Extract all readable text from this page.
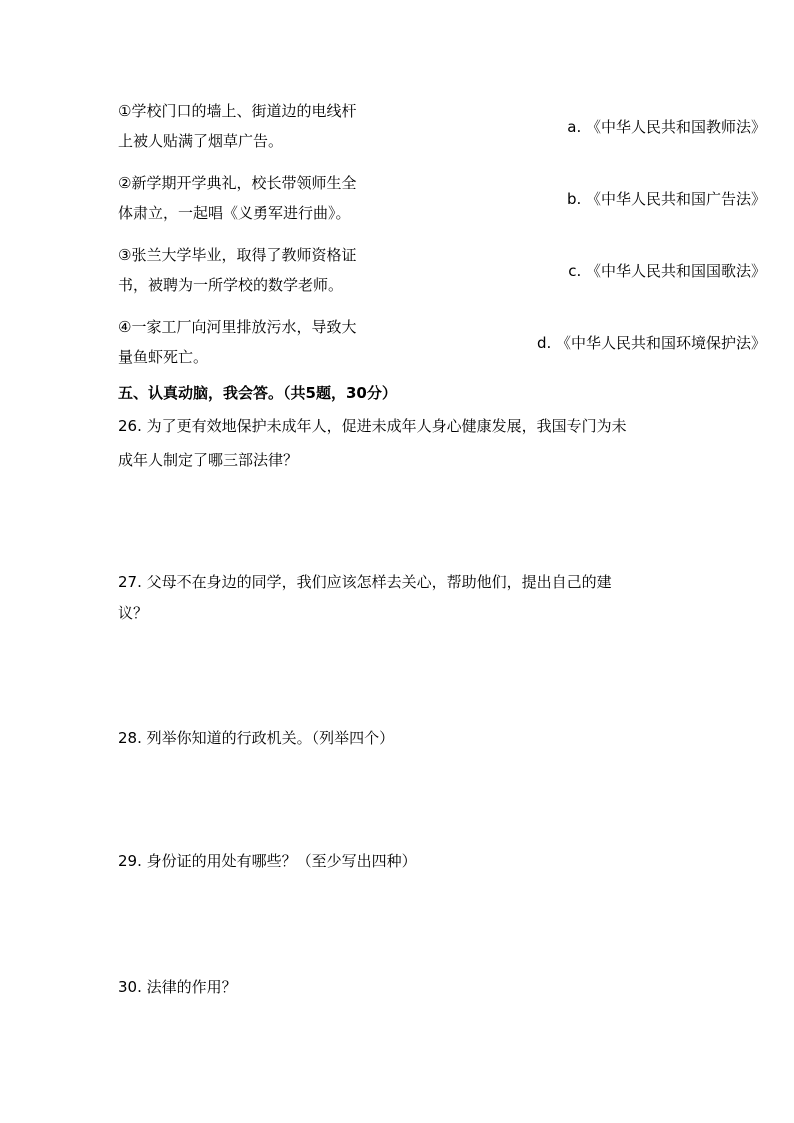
①学校门口的墙上、街道边的电线杆
上被人贴满了烟草广告。
②新学期开学典礼，校长带领师生全
体肃立，一起唱《义勇军进行曲》。
③张兰大学毕业，取得了教师资格证
书，被聘为一所学校的数学老师。
④一家工厂向河里排放污水，导致大
量鱼虾死亡。
a. 《中华人民共和国教师法》
b. 《中华人民共和国广告法》
c. 《中华人民共和国国歌法》
d. 《中华人民共和国环境保护法》
五、认真动脑，我会答。（共5题，30分）
26. 为了更有效地保护未成年人，促进未成年人身心健康发展，我国专门为未
成年人制定了哪三部法律？
27. 父母不在身边的同学，我们应该怎样去关心，帮助他们，提出自己的建
议？
28. 列举你知道的行政机关。（列举四个）
29. 身份证的用处有哪些？（至少写出四种）
30. 法律的作用？
